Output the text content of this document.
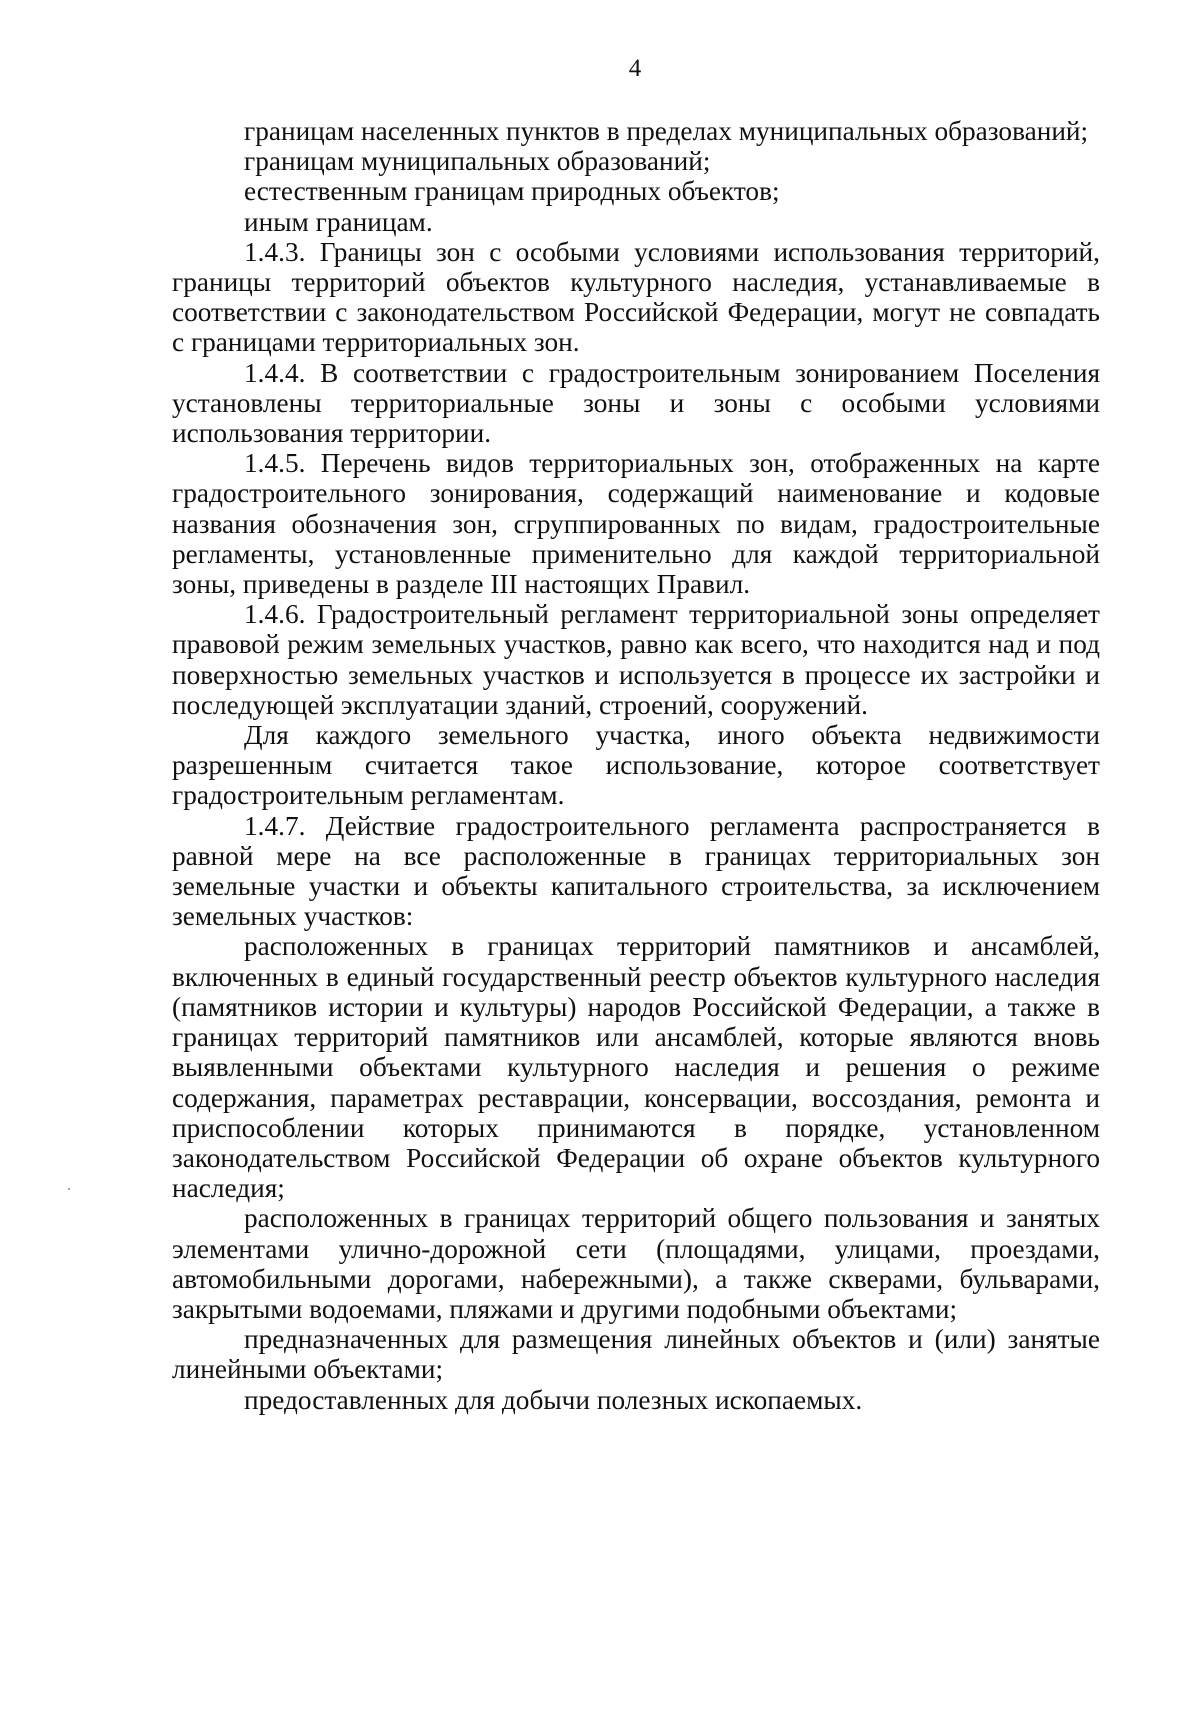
4

границам населенных пунктов в пределах муниципальных образований;

границам муниципальных образований;

естественным границам природных объектов;

иным границам.

1.4.3. Границы зон с особыми условиями использования территорий, границы территорий объектов культурного наследия, устанавливаемые в соответствии с законодательством Российской Федерации, могут не совпадать с границами территориальных зон.

1.4.4. В соответствии с градостроительным зонированием Поселения установлены территориальные зоны и зоны с особыми условиями использования территории.

1.4.5. Перечень видов территориальных зон, отображенных на карте градостроительного зонирования, содержащий наименование и кодовые названия обозначения зон, сгруппированных по видам, градостроительные регламенты, установленные применительно для каждой территориальной зоны, приведены в разделе III настоящих Правил.

1.4.6. Градостроительный регламент территориальной зоны определяет правовой режим земельных участков, равно как всего, что находится над и под поверхностью земельных участков и используется в процессе их застройки и последующей эксплуатации зданий, строений, сооружений.

Для каждого земельного участка, иного объекта недвижимости разрешенным считается такое использование, которое соответствует градостроительным регламентам.

1.4.7. Действие градостроительного регламента распространяется в равной мере на все расположенные в границах территориальных зон земельные участки и объекты капитального строительства, за исключением земельных участков:

расположенных в границах территорий памятников и ансамблей, включенных в единый государственный реестр объектов культурного наследия (памятников истории и культуры) народов Российской Федерации, а также в границах территорий памятников или ансамблей, которые являются вновь выявленными объектами культурного наследия и решения о режиме содержания, параметрах реставрации, консервации, воссоздания, ремонта и приспособлении которых принимаются в порядке, установленном законодательством Российской Федерации об охране объектов культурного наследия;

расположенных в границах территорий общего пользования и занятых элементами улично-дорожной сети (площадями, улицами, проездами, автомобильными дорогами, набережными), а также скверами, бульварами, закрытыми водоемами, пляжами и другими подобными объектами;

предназначенных для размещения линейных объектов и (или) занятые линейными объектами;

предоставленных для добычи полезных ископаемых.
